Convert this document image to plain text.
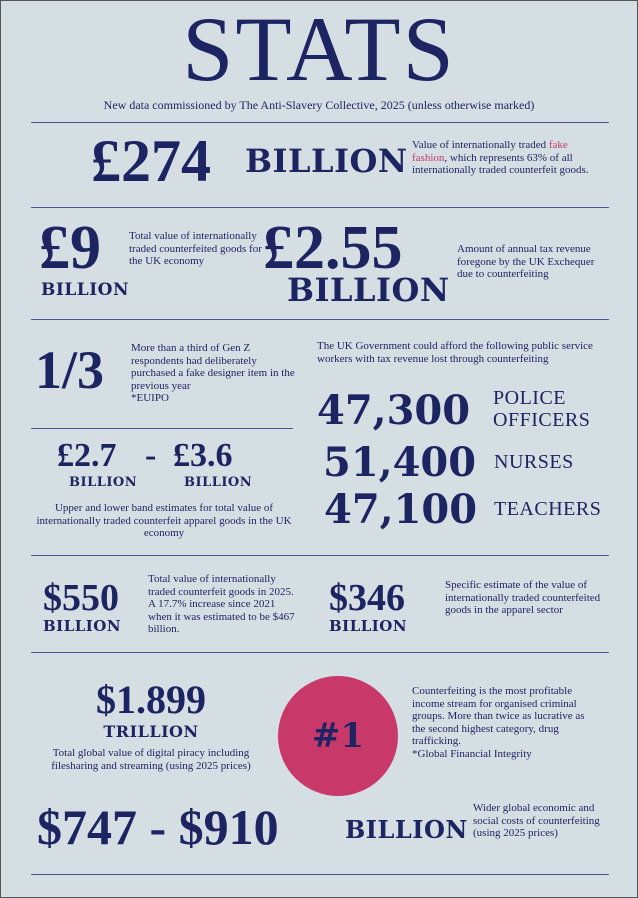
STATS
New data commissioned by The Anti-Slavery Collective, 2025 (unless otherwise marked)
£274 BILLION Value of internationally traded fake fashion, which represents 63% of all internationally traded counterfeit goods.
£9
BILLION
Total value of internationally traded counterfeited goods for the UK economy £2.55
BILLION
Amount of annual tax revenue foregone by the UK Exchequer due to counterfeiting
1/3 More than a third of Gen Z respondents had deliberately purchased a fake designer item in the previous year
*EUIPO
£2.7 - £3.6
BILLION	BILLION
Upper and lower band estimates for total value of internationally traded counterfeit apparel goods in the UK economy
The UK Government could afford the following public service workers with tax revenue lost through counterfeiting
47,300 POLICE OFFICERS
51,400 NURSES
47,100 TEACHERS
$550
BILLION
Total value of internationally traded counterfeit goods in 2025. A 17.7% increase since 2021 when it was estimated to be $467 billion.
$346
BILLION
Specific estimate of the value of internationally traded counterfeited goods in the apparel sector
$1.899
TRILLION
Total global value of digital piracy including filesharing and streaming (using 2025 prices)
#1
Counterfeiting is the most profitable income stream for organised criminal groups. More than twice as lucrative as the second highest category, drug trafficking.
*Global Financial Integrity
$747 - $910	BILLION
Wider global economic and social costs of counterfeiting (using 2025 prices)
